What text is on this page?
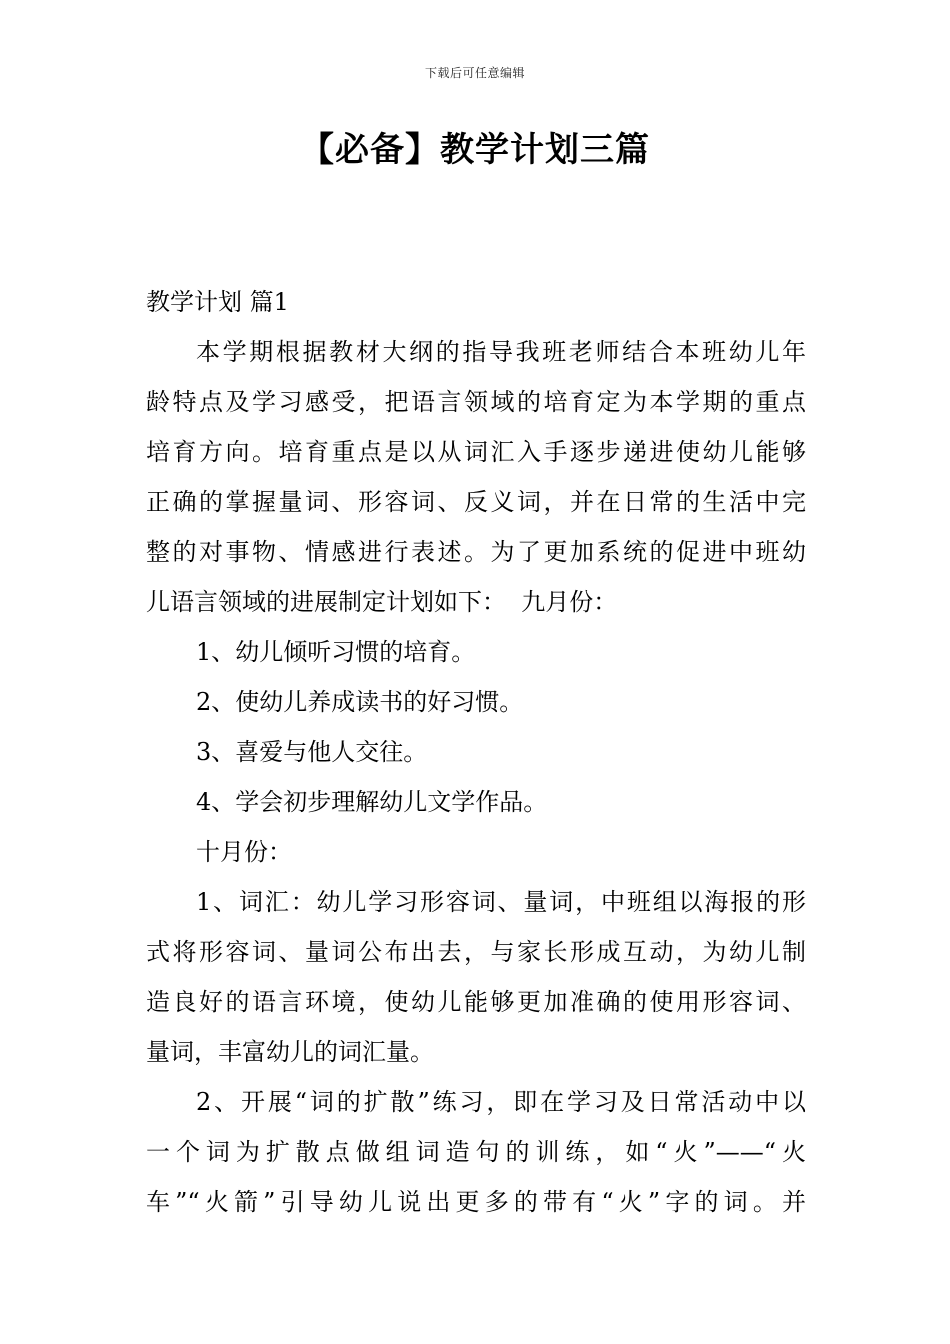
下载后可任意编辑
【必备】教学计划三篇
教学计划 篇1
本学期根据教材大纲的指导我班老师结合本班幼儿年
龄特点及学习感受，把语言领域的培育定为本学期的重点
培育方向。培育重点是以从词汇入手逐步递进使幼儿能够
正确的掌握量词、形容词、反义词，并在日常的生活中完
整的对事物、情感进行表述。为了更加系统的促进中班幼
儿语言领域的进展制定计划如下：  九月份：
1、幼儿倾听习惯的培育。
2、使幼儿养成读书的好习惯。
3、喜爱与他人交往。
4、学会初步理解幼儿文学作品。
十月份：
1、词汇：幼儿学习形容词、量词，中班组以海报的形
式将形容词、量词公布出去，与家长形成互动，为幼儿制
造良好的语言环境，使幼儿能够更加准确的使用形容词、
量词，丰富幼儿的词汇量。
2、开展“词的扩散”练习，即在学习及日常活动中以
一个词为扩散点做组词造句的训练，如“火”——“火
车”“火箭”引导幼儿说出更多的带有“火”字的词。并
